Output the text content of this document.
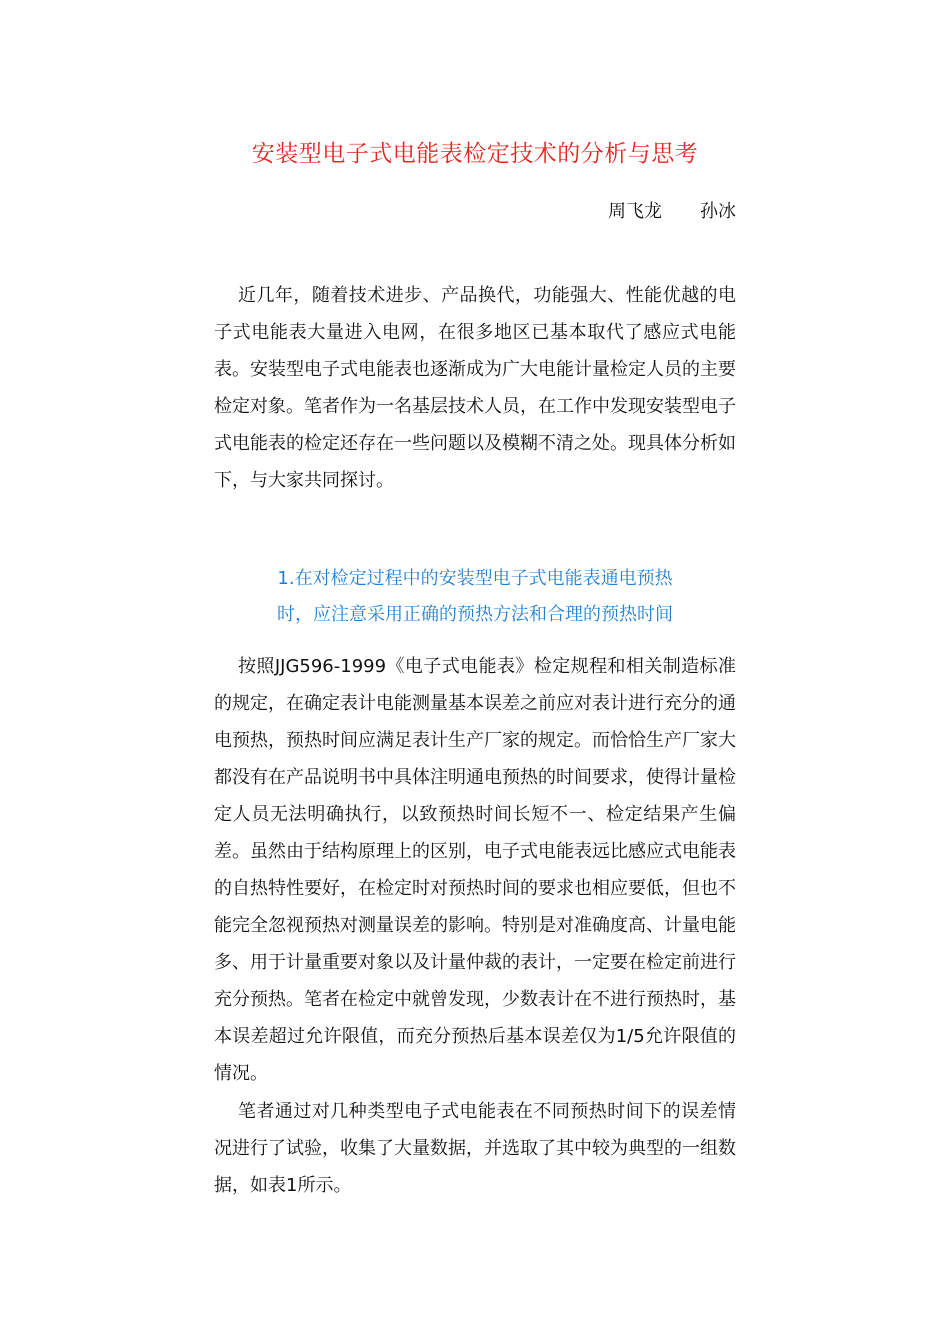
安装型电子式电能表检定技术的分析与思考
周飞龙 孙冰

近几年，随着技术进步、产品换代，功能强大、性能优越的电子式电能表大量进入电网，在很多地区已基本取代了感应式电能表。安装型电子式电能表也逐渐成为广大电能计量检定人员的主要检定对象。笔者作为一名基层技术人员，在工作中发现安装型电子式电能表的检定还存在一些问题以及模糊不清之处。现具体分析如下，与大家共同探讨。

1.在对检定过程中的安装型电子式电能表通电预热
时，应注意采用正确的预热方法和合理的预热时间

按照JJG596-1999《电子式电能表》检定规程和相关制造标准的规定，在确定表计电能测量基本误差之前应对表计进行充分的通电预热，预热时间应满足表计生产厂家的规定。而恰恰生产厂家大都没有在产品说明书中具体注明通电预热的时间要求，使得计量检定人员无法明确执行，以致预热时间长短不一、检定结果产生偏差。虽然由于结构原理上的区别，电子式电能表远比感应式电能表的自热特性要好，在检定时对预热时间的要求也相应要低，但也不能完全忽视预热对测量误差的影响。特别是对准确度高、计量电能多、用于计量重要对象以及计量仲裁的表计，一定要在检定前进行充分预热。笔者在检定中就曾发现，少数表计在不进行预热时，基本误差超过允许限值，而充分预热后基本误差仅为1/5允许限值的情况。

笔者通过对几种类型电子式电能表在不同预热时间下的误差情况进行了试验，收集了大量数据，并选取了其中较为典型的一组数据，如表1所示。
